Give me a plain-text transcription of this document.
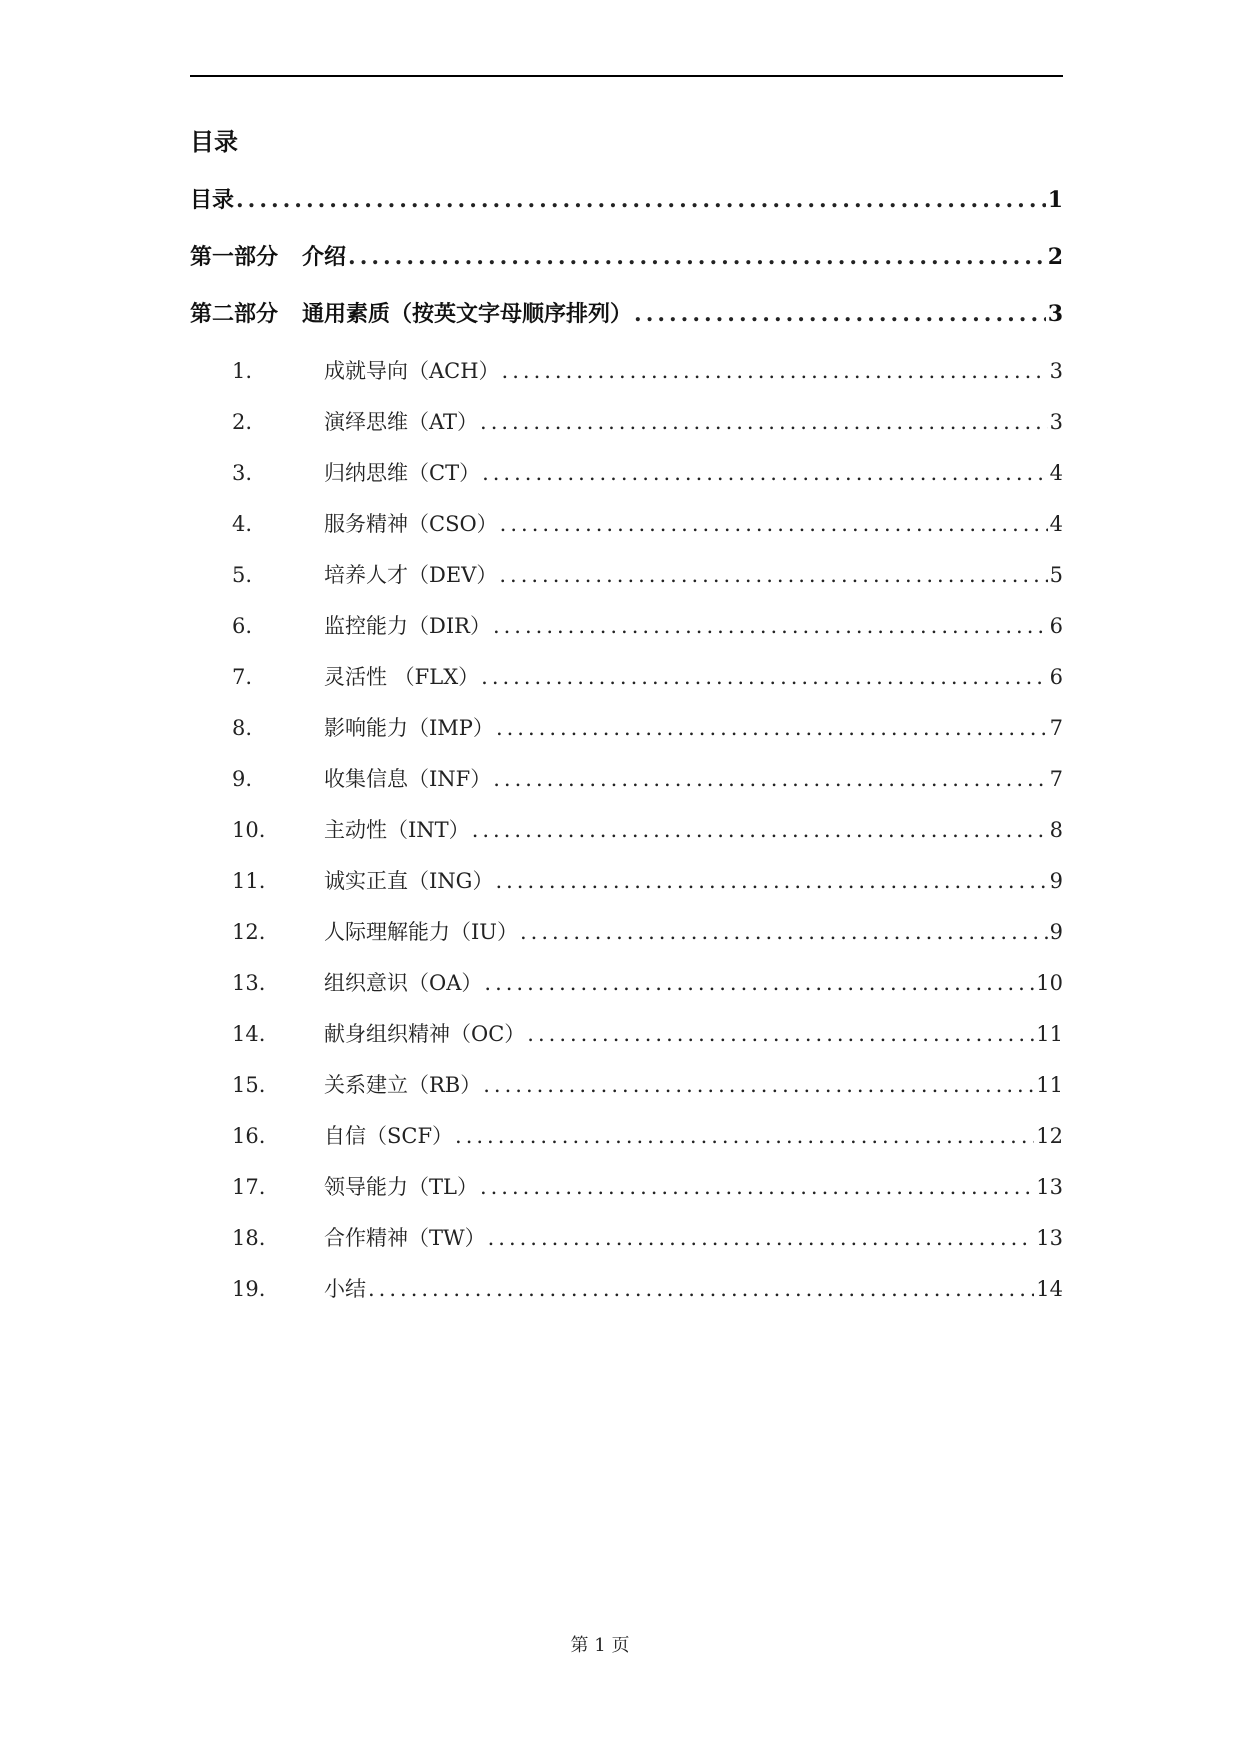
目录
目录 .....	1
第一部分 介绍 .....	2
第二部分 通用素质（按英文字母顺序排列） .....	3
1.	成就导向（ACH） .....	3
2.	演绎思维（AT） .....	3
3.	归纳思维（CT） .....	4
4.	服务精神（CSO） .....	4
5.	培养人才（DEV） .....	5
6.	监控能力（DIR） .....	6
7.	灵活性 （FLX） .....	6
8.	影响能力（IMP） .....	7
9.	收集信息（INF） .....	7
10.	主动性（INT） .....	8
11.	诚实正直（ING） .....	9
12.	人际理解能力（IU） .....	9
13.	组织意识（OA） .....	10
14.	献身组织精神（OC） .....	11
15.	关系建立（RB） .....	11
16.	自信（SCF） .....	12
17.	领导能力（TL） .....	13
18.	合作精神（TW） .....	13
19.	小结 .....	14
第 1 页
